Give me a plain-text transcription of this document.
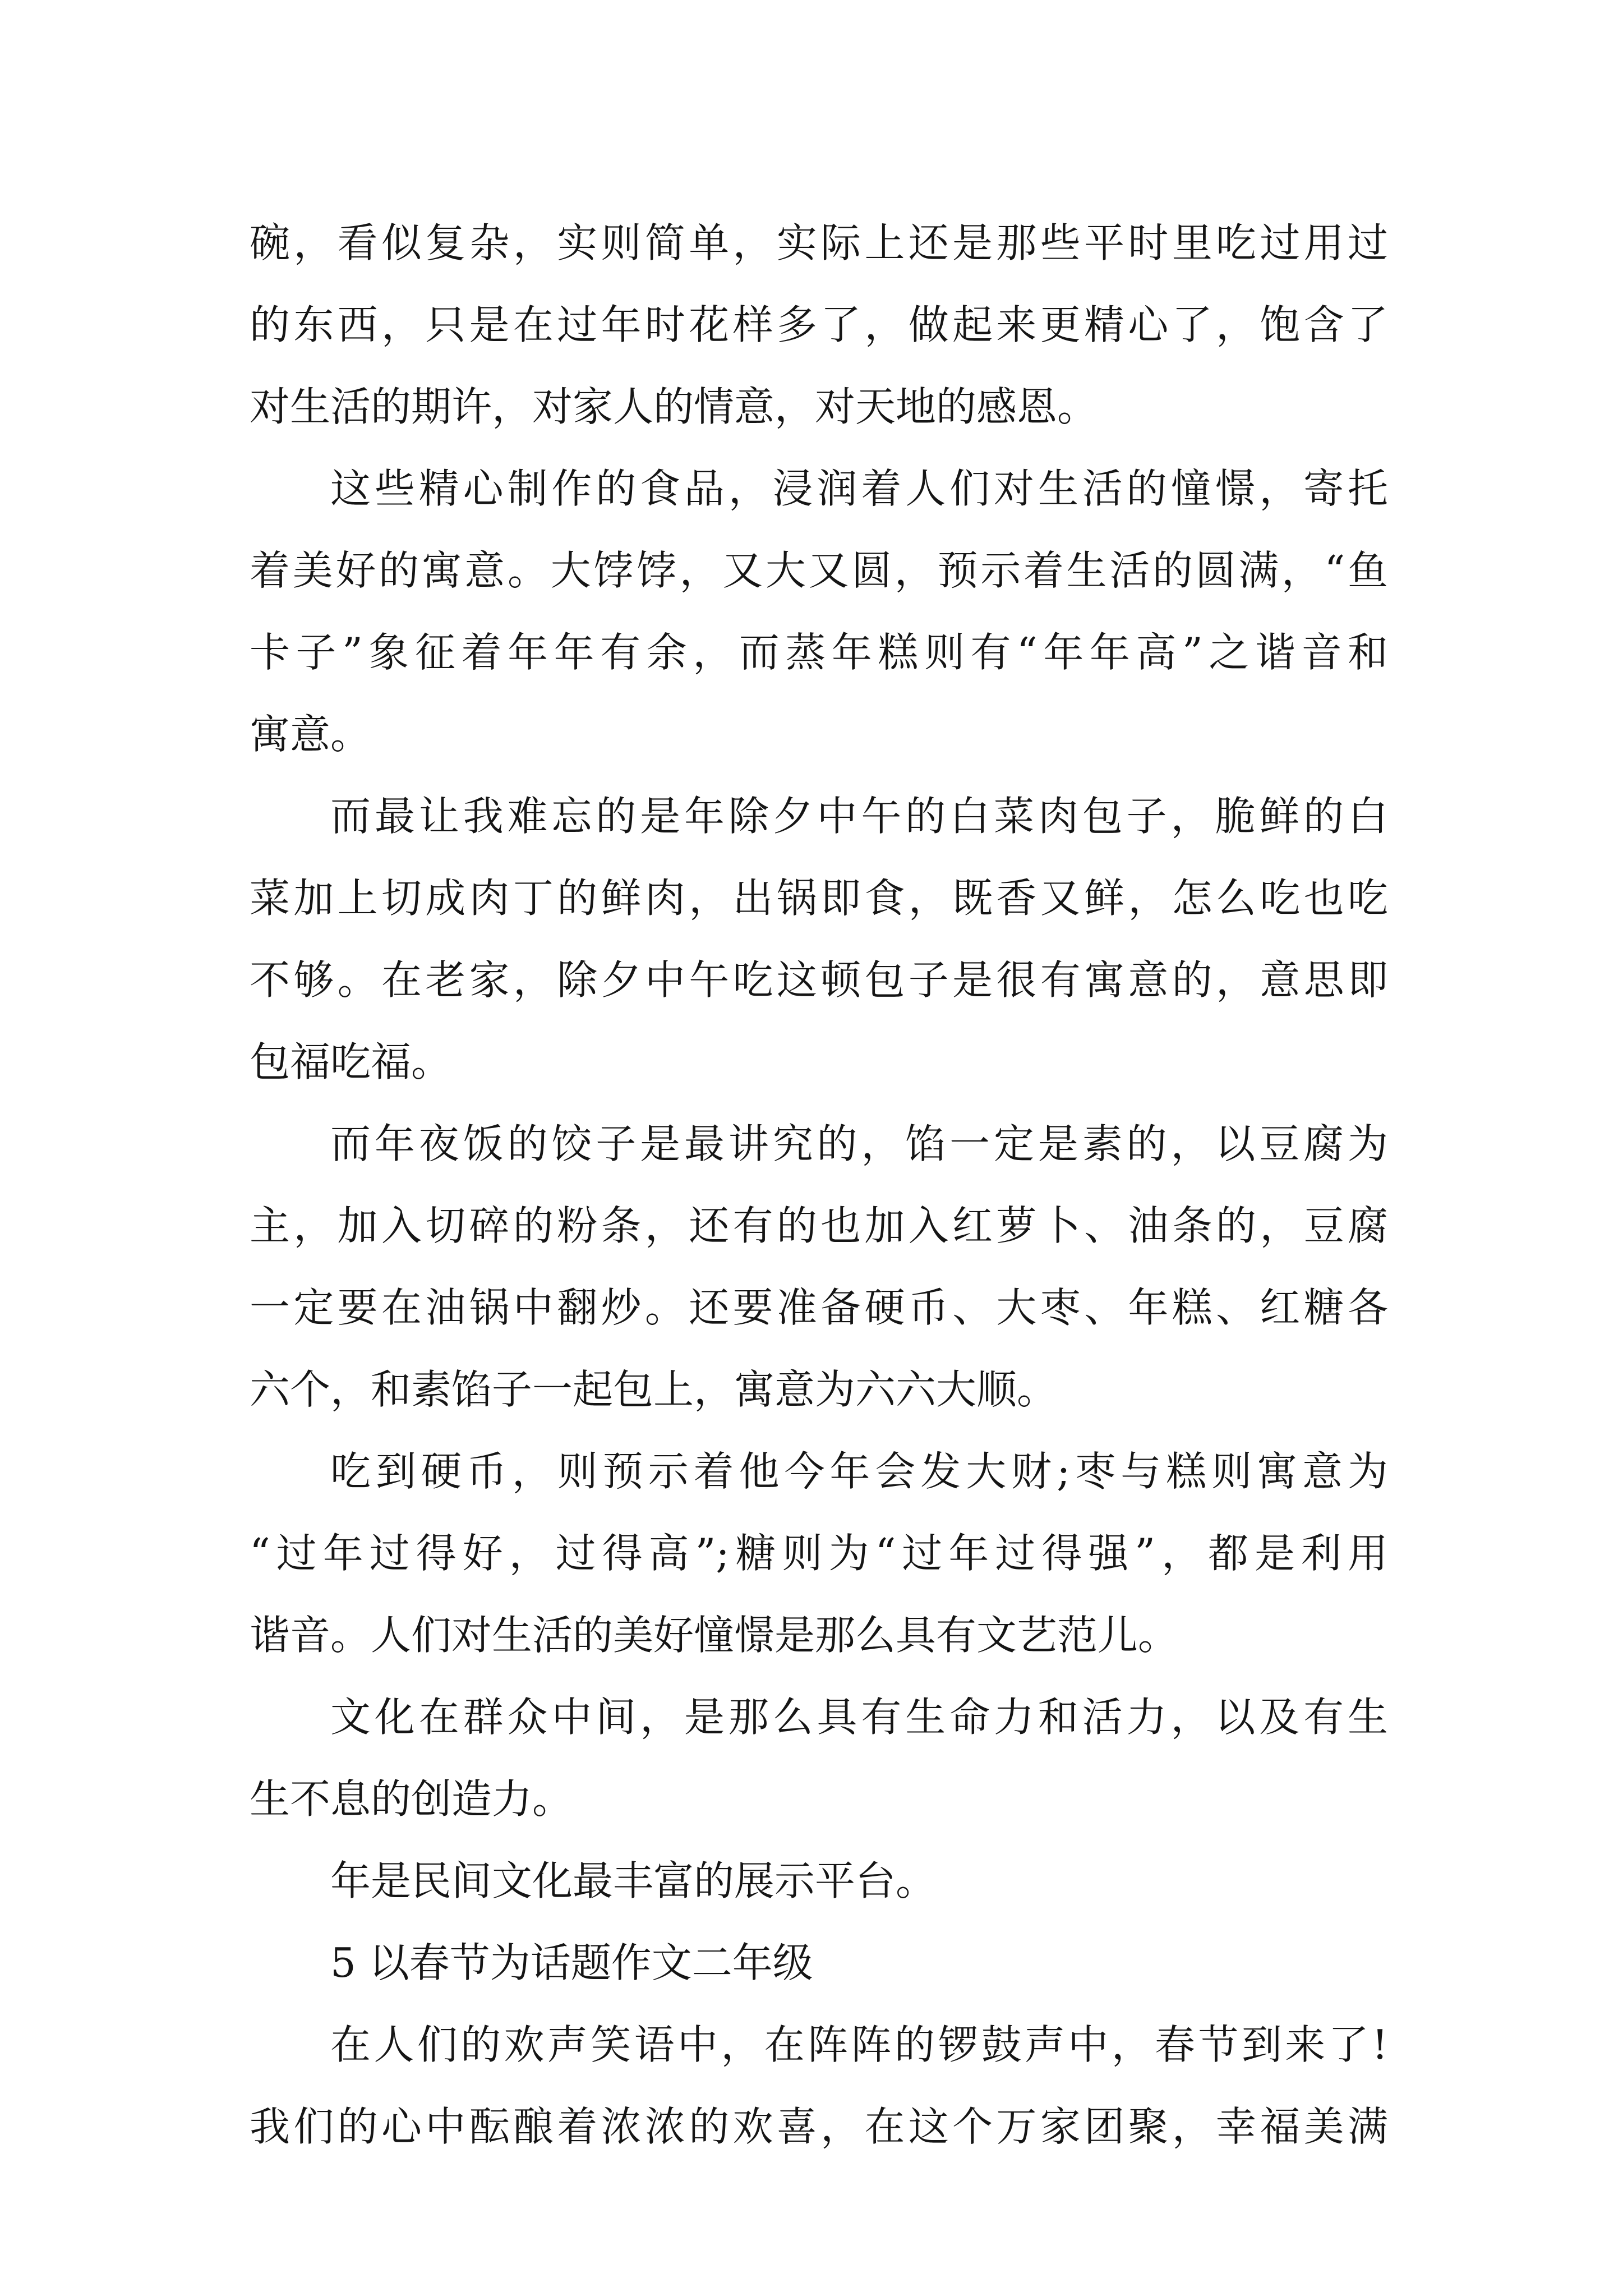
碗，看似复杂，实则简单，实际上还是那些平时里吃过用过
的东西，只是在过年时花样多了，做起来更精心了，饱含了
对生活的期许，对家人的情意，对天地的感恩。
这些精心制作的食品，浸润着人们对生活的憧憬，寄托
着美好的寓意。大饽饽，又大又圆，预示着生活的圆满，“鱼
卡子”象征着年年有余，而蒸年糕则有“年年高”之谐音和
寓意。
而最让我难忘的是年除夕中午的白菜肉包子，脆鲜的白
菜加上切成肉丁的鲜肉，出锅即食，既香又鲜，怎么吃也吃
不够。在老家，除夕中午吃这顿包子是很有寓意的，意思即
包福吃福。
而年夜饭的饺子是最讲究的，馅一定是素的，以豆腐为
主，加入切碎的粉条，还有的也加入红萝卜、油条的，豆腐
一定要在油锅中翻炒。还要准备硬币、大枣、年糕、红糖各
六个，和素馅子一起包上，寓意为六六大顺。
吃到硬币，则预示着他今年会发大财;枣与糕则寓意为
“过年过得好，过得高”;糖则为“过年过得强”，都是利用
谐音。人们对生活的美好憧憬是那么具有文艺范儿。
文化在群众中间，是那么具有生命力和活力，以及有生
生不息的创造力。
年是民间文化最丰富的展示平台。
5 以春节为话题作文二年级
在人们的欢声笑语中，在阵阵的锣鼓声中，春节到来了!
我们的心中酝酿着浓浓的欢喜，在这个万家团聚，幸福美满
